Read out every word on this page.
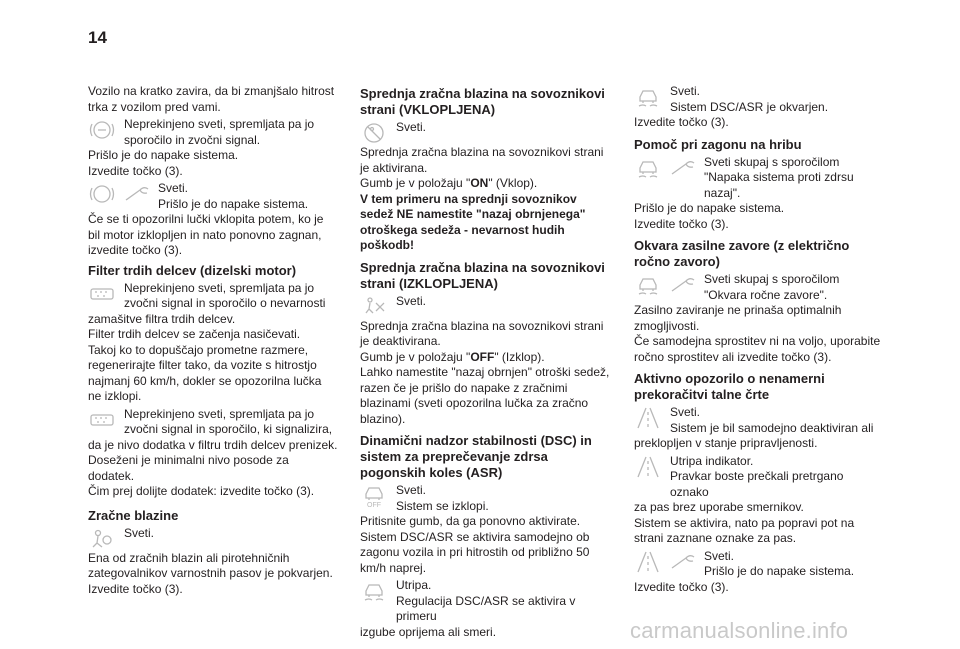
14

Vozilo na kratko zavira, da bi zmanjšalo hitrost trka z vozilom pred vami.

Neprekinjeno sveti, spremljata pa jo sporočilo in zvočni signal.

Prišlo je do napake sistema.

Izvedite točko (3).

Sveti.
Prišlo je do napake sistema.

Če se ti opozorilni lučki vklopita potem, ko je bil motor izklopljen in nato ponovno zagnan, izvedite točko (3).

Filter trdih delcev (dizelski motor)
Neprekinjeno sveti, spremljata pa jo zvočni signal in sporočilo o nevarnosti

zamašitve filtra trdih delcev.

Filter trdih delcev se začenja nasičevati.

Takoj ko to dopuščajo prometne razmere, regenerirajte filter tako, da vozite s hitrostjo najmanj 60 km/h, dokler se opozorilna lučka ne izklopi.

Neprekinjeno sveti, spremljata pa jo zvočni signal in sporočilo, ki signalizira,

da je nivo dodatka v filtru trdih delcev prenizek.

Doseženi je minimalni nivo posode za dodatek.

Čim prej dolijte dodatek: izvedite točko (3).

Zračne blazine
Sveti.

Ena od zračnih blazin ali pirotehničnih zategovalnikov varnostnih pasov je pokvarjen.

Izvedite točko (3).

Sprednja zračna blazina na sovoznikovi strani (VKLOPLJENA)
Sveti.

Sprednja zračna blazina na sovoznikovi strani je aktivirana.

Gumb je v položaju "ON" (Vklop).

V tem primeru na sprednji sovoznikov sedež NE namestite "nazaj obrnjenega" otroškega sedeža - nevarnost hudih poškodb!

Sprednja zračna blazina na sovoznikovi strani (IZKLOPLJENA)
Sveti.

Sprednja zračna blazina na sovoznikovi strani je deaktivirana.

Gumb je v položaju "OFF" (Izklop).

Lahko namestite "nazaj obrnjen" otroški sedež, razen če je prišlo do napake z zračnimi blazinami (sveti opozorilna lučka za zračno blazino).

Dinamični nadzor stabilnosti (DSC) in sistem za preprečevanje zdrsa pogonskih koles (ASR)
OFF
Sveti.
Sistem se izklopi.

Pritisnite gumb, da ga ponovno aktivirate.

Sistem DSC/ASR se aktivira samodejno ob zagonu vozila in pri hitrostih od približno 50 km/h naprej.

Utripa.
Regulacija DSC/ASR se aktivira v primeru

izgube oprijema ali smeri.

Sveti.
Sistem DSC/ASR je okvarjen.

Izvedite točko (3).

Pomoč pri zagonu na hribu
Sveti skupaj s sporočilom "Napaka sistema proti zdrsu nazaj".

Prišlo je do napake sistema.

Izvedite točko (3).

Okvara zasilne zavore (z električno ročno zavoro)
Sveti skupaj s sporočilom "Okvara ročne zavore".

Zasilno zaviranje ne prinaša optimalnih zmogljivosti.

Če samodejna sprostitev ni na voljo, uporabite ročno sprostitev ali izvedite točko (3).

Aktivno opozorilo o nenamerni prekoračitvi talne črte
Sveti.
Sistem je bil samodejno deaktiviran ali

preklopljen v stanje pripravljenosti.

Utripa indikator.
Pravkar boste prečkali pretrgano oznako

za pas brez uporabe smernikov.

Sistem se aktivira, nato pa popravi pot na strani zaznane oznake za pas.

Sveti.
Prišlo je do napake sistema.

Izvedite točko (3).

carmanualsonline.info
